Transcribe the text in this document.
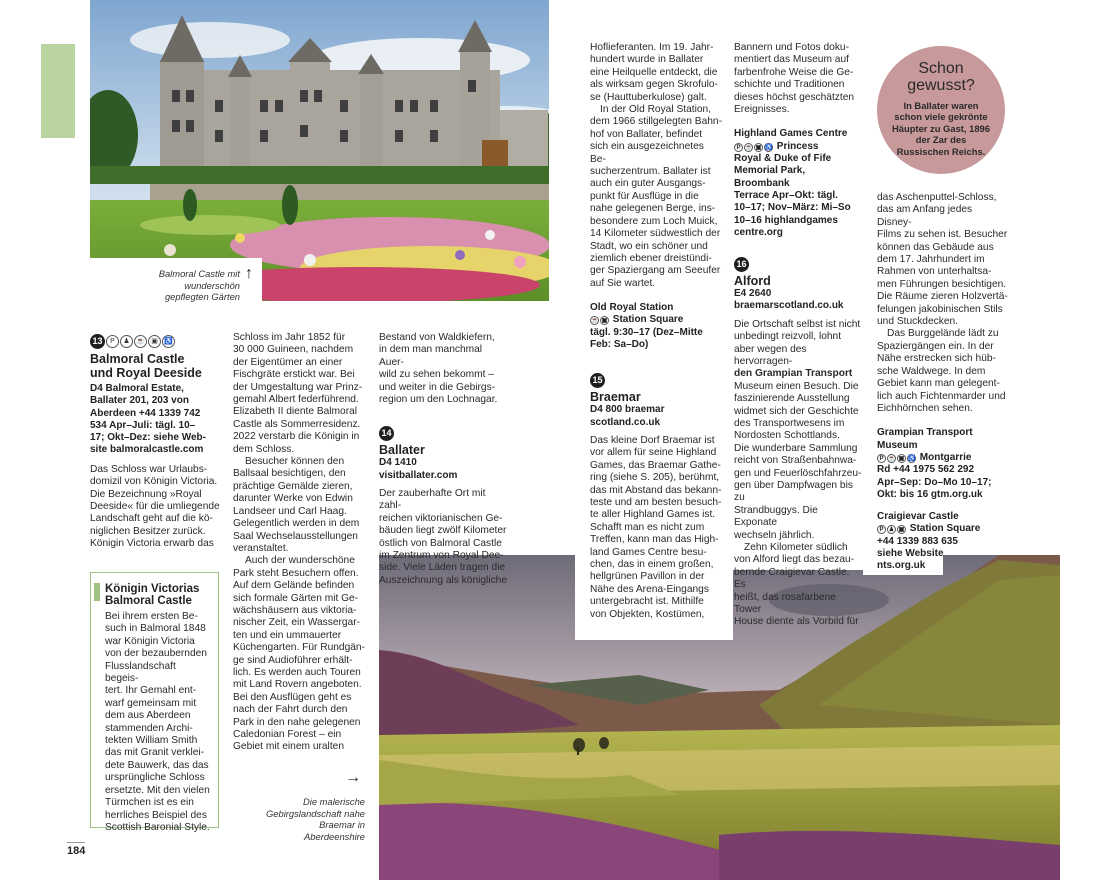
Balmoral Castle mit wunderschön gepflegten Gärten
↑
Die malerische Gebirgslandschaft nahe Braemar in Aberdeenshire
→
13 P ♟ ☕ ▣ ♿
Balmoral Castle
und Royal Deeside
D4 Balmoral Estate,
Ballater 201, 203 von
Aberdeen +44 1339 742
534 Apr–Juli: tägl. 10–
17; Okt–Dez: siehe Web-
site balmoralcastle.com
Das Schloss war Urlaubs-
domizil von Königin Victoria.
Die Bezeichnung »Royal
Deeside« für die umliegende
Landschaft geht auf die kö-
niglichen Besitzer zurück.
Königin Victoria erwarb das
Königin Victorias
Balmoral Castle
Bei ihrem ersten Be-
such in Balmoral 1848
war Königin Victoria
von der bezaubernden
Flusslandschaft begeis-
tert. Ihr Gemahl ent-
warf gemeinsam mit
dem aus Aberdeen
stammenden Archi-
tekten William Smith
das mit Granit verklei-
dete Bauwerk, das das
ursprüngliche Schloss
ersetzte. Mit den vielen
Türmchen ist es ein
herrliches Beispiel des
Scottish Baronial Style.
Schloss im Jahr 1852 für
30 000 Guineen, nachdem
der Eigentümer an einer
Fischgräte erstickt war. Bei
der Umgestaltung war Prinz-
gemahl Albert federführend.
Elizabeth II diente Balmoral
Castle als Sommerresidenz.
2022 verstarb die Königin in
dem Schloss.
Besucher können den
Ballsaal besichtigen, den
prächtige Gemälde zieren,
darunter Werke von Edwin
Landseer und Carl Haag.
Gelegentlich werden in dem
Saal Wechselausstellungen
veranstaltet.
Auch der wunderschöne
Park steht Besuchern offen.
Auf dem Gelände befinden
sich formale Gärten mit Ge-
wächshäusern aus viktoria-
nischer Zeit, ein Wassergar-
ten und ein ummauerter
Küchengarten. Für Rundgän-
ge sind Audioführer erhält-
lich. Es werden auch Touren
mit Land Rovern angeboten.
Bei den Ausflügen geht es
nach der Fahrt durch den
Park in den nahe gelegenen
Caledonian Forest – ein
Gebiet mit einem uralten
Bestand von Waldkiefern,
in dem man manchmal Auer-
wild zu sehen bekommt –
und weiter in die Gebirgs-
region um den Lochnagar.
14
Ballater
D4 1410
visitballater.com
Der zauberhafte Ort mit zahl-
reichen viktorianischen Ge-
bäuden liegt zwölf Kilometer
östlich von Balmoral Castle
im Zentrum von Royal Dee-
side. Viele Läden tragen die
Auszeichnung als königliche
Hoflieferanten. Im 19. Jahr-
hundert wurde in Ballater
eine Heilquelle entdeckt, die
als wirksam gegen Skrofulo-
se (Hauttuberkulose) galt.
In der Old Royal Station,
dem 1966 stillgelegten Bahn-
hof von Ballater, befindet
sich ein ausgezeichnetes Be-
sucherzentrum. Ballater ist
auch ein guter Ausgangs-
punkt für Ausflüge in die
nahe gelegenen Berge, ins-
besondere zum Loch Muick,
14 Kilometer südwestlich der
Stadt, wo ein schöner und
ziemlich ebener dreistündi-
ger Spaziergang am Seeufer
auf Sie wartet.
Old Royal Station
☕ ▣ Station Square
tägl. 9:30–17 (Dez–Mitte
Feb: Sa–Do)
15
Braemar
D4 800 braemar
scotland.co.uk
Das kleine Dorf Braemar ist
vor allem für seine Highland
Games, das Braemar Gathe-
ring (siehe S. 205), berühmt,
das mit Abstand das bekann-
teste und am besten besuch-
te aller Highland Games ist.
Schafft man es nicht zum
Treffen, kann man das High-
land Games Centre besu-
chen, das in einem großen,
hellgrünen Pavillon in der
Nähe des Arena-Eingangs
untergebracht ist. Mithilfe
von Objekten, Kostümen,
Bannern und Fotos doku-
mentiert das Museum auf
farbenfrohe Weise die Ge-
schichte und Traditionen
dieses höchst geschätzten
Ereignisses.
Highland Games Centre
P ☕ ▣ ♿ Princess
Royal & Duke of Fife
Memorial Park, Broombank
Terrace Apr–Okt: tägl.
10–17; Nov–März: Mi–So
10–16 highlandgames
centre.org
16
Alford
E4 2640
braemarscotland.co.uk
Die Ortschaft selbst ist nicht
unbedingt reizvoll, lohnt
aber wegen des hervorragen-
den Grampian Transport
Museum einen Besuch. Die
faszinierende Ausstellung
widmet sich der Geschichte
des Transportwesens im
Nordosten Schottlands.
Die wunderbare Sammlung
reicht von Straßenbahnwa-
gen und Feuerlöschfahrzeu-
gen über Dampfwagen bis zu
Strandbuggys. Die Exponate
wechseln jährlich.
Zehn Kilometer südlich
von Alford liegt das bezau-
bernde Craigievar Castle. Es
heißt, das rosafarbene Tower
House diente als Vorbild für
Schon
gewusst?
In Ballater waren schon viele gekrönte Häupter zu Gast, 1896 der Zar des Russischen Reichs.
das Aschenputtel-Schloss,
das am Anfang jedes Disney-
Films zu sehen ist. Besucher
können das Gebäude aus
dem 17. Jahrhundert im
Rahmen von unterhaltsa-
men Führungen besichtigen.
Die Räume zieren Holzvertä-
felungen jakobinischen Stils
und Stuckdecken.
Das Burggelände lädt zu
Spaziergängen ein. In der
Nähe erstrecken sich hüb-
sche Waldwege. In dem
Gebiet kann man gelegent-
lich auch Fichtenmarder und
Eichhörnchen sehen.
Grampian Transport
Museum
P ☕ ▣ ♿ Montgarrie
Rd +44 1975 562 292
Apr–Sep: Do–Mo 10–17;
Okt: bis 16 gtm.org.uk
Craigievar Castle
P ♟ ▣ Station Square
+44 1339 883 635
siehe Website
nts.org.uk
184
